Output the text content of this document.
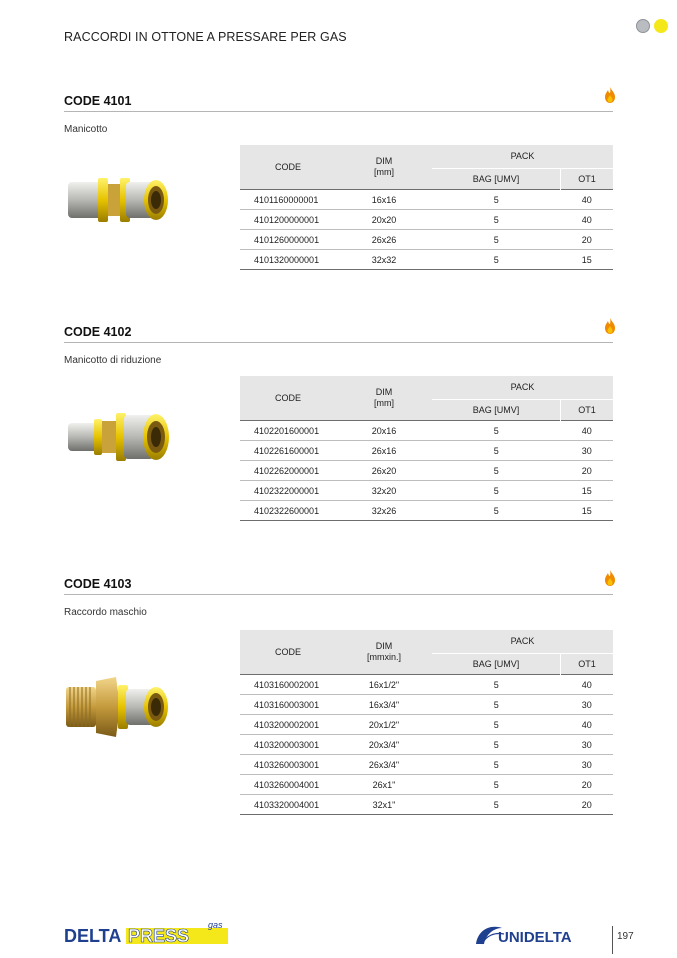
RACCORDI IN OTTONE A PRESSARE PER GAS
CODE 4101
Manicotto
CODE	DIM
[mm]	PACK	
		BAG [UMV]	OT1
4101160000001	16x16	5	40
4101200000001	20x20	5	40
4101260000001	26x26	5	20
4101320000001	32x32	5	15
CODE 4102
Manicotto di riduzione
CODE	DIM
[mm]	PACK	
		BAG [UMV]	OT1
4102201600001	20x16	5	40
4102261600001	26x16	5	30
4102262000001	26x20	5	20
4102322000001	32x20	5	15
4102322600001	32x26	5	15
CODE 4103
Raccordo maschio
CODE	DIM
[mmxin.]	PACK	
		BAG [UMV]	OT1
4103160002001	16x1/2"	5	40
4103160003001	16x3/4"	5	30
4103200002001	20x1/2"	5	40
4103200003001	20x3/4"	5	30
4103260003001	26x3/4"	5	30
4103260004001	26x1"	5	20
4103320004001	32x1"	5	20
DELTA PRESS
gas
UNIDELTA	197
